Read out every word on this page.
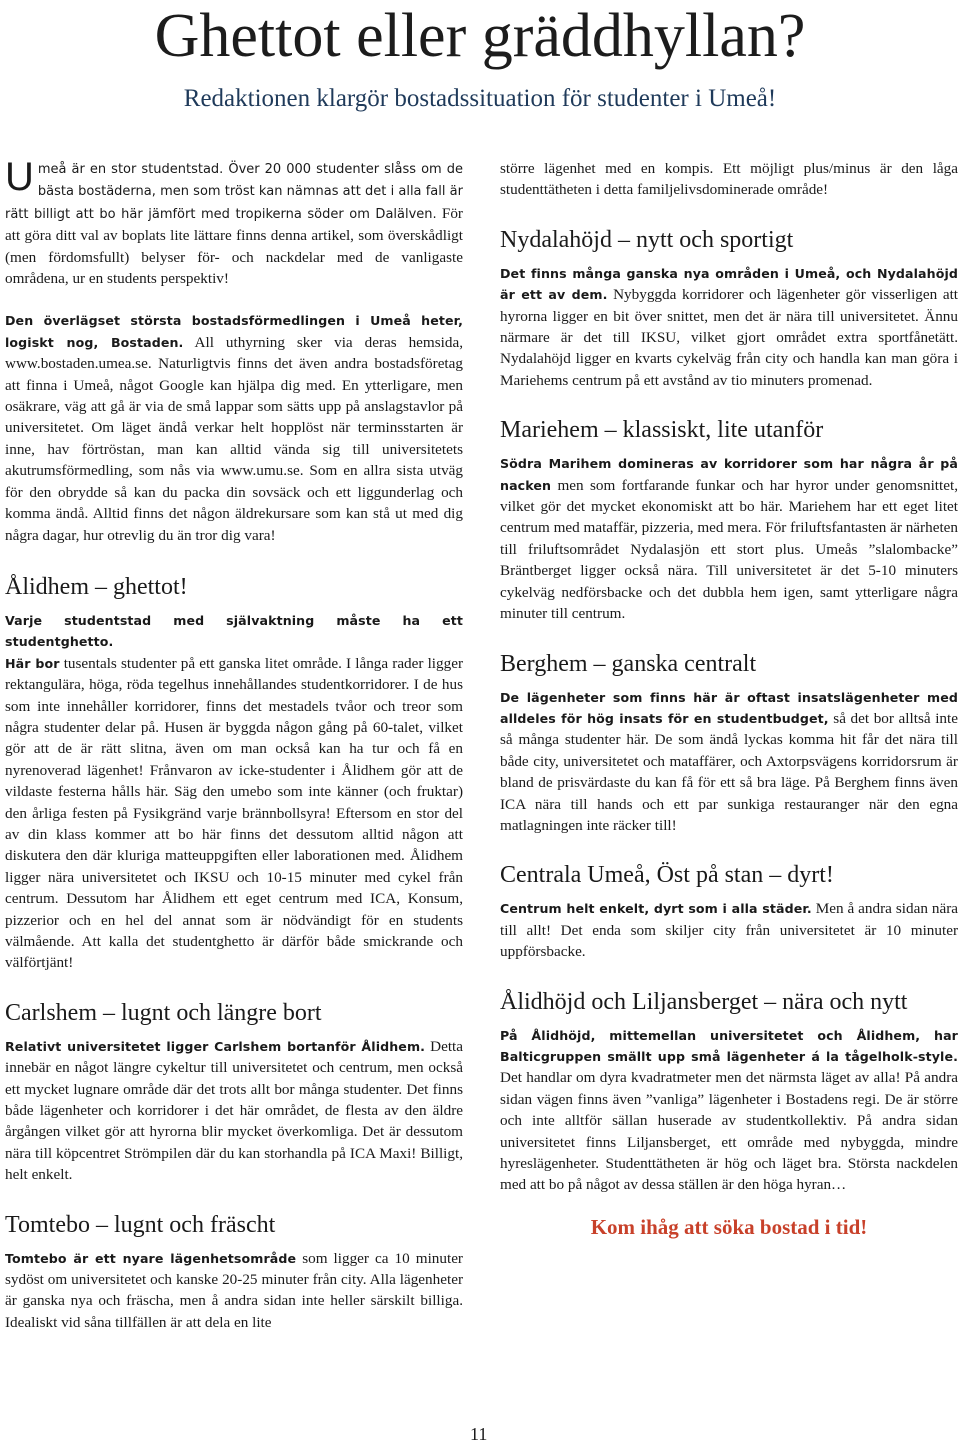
Ghettot eller gräddhyllan?
Redaktionen klargör bostadssituation för studenter i Umeå!

Umeå är en stor studentstad. Över 20 000 studenter slåss om de bästa bostäderna, men som tröst kan nämnas att det i alla fall är rätt billigt att bo här jämfört med tropikerna söder om Dalälven. För att göra ditt val av boplats lite lättare finns denna artikel, som överskådligt (men fördomsfullt) belyser för- och nackdelar med de vanligaste områdena, ur en students perspektiv!

Den överlägset största bostadsförmedlingen i Umeå heter, logiskt nog, Bostaden. All uthyrning sker via deras hemsida, www.bostaden.umea.se. Naturligtvis finns det även andra bostadsföretag att finna i Umeå, något Google kan hjälpa dig med. En ytterligare, men osäkrare, väg att gå är via de små lappar som sätts upp på anslagstavlor på universitetet. Om läget ändå verkar helt hopplöst när terminsstarten är inne, hav förtröstan, man kan alltid vända sig till universitetets akutrumsförmedling, som nås via www.umu.se. Som en allra sista utväg för den obrydde så kan du packa din sovsäck och ett liggunderlag och komma ändå. Alltid finns det någon äldrekursare som kan stå ut med dig några dagar, hur otrevlig du än tror dig vara!

Ålidhem – ghettot!

Varje studentstad med självaktning måste ha ett studentghetto.
Här bor tusentals studenter på ett ganska litet område. I långa rader ligger rektangulära, höga, röda tegelhus innehållandes studentkorridorer. I de hus som inte innehåller korridorer, finns det mestadels tvåor och treor som några studenter delar på. Husen är byggda någon gång på 60-talet, vilket gör att de är rätt slitna, även om man också kan ha tur och få en nyrenoverad lägenhet! Frånvaron av icke-studenter i Ålidhem gör att de vildaste festerna hålls här. Säg den umebo som inte känner (och fruktar) den årliga festen på Fysikgränd varje brännbollsyra! Eftersom en stor del av din klass kommer att bo här finns det dessutom alltid någon att diskutera den där kluriga matteuppgiften eller laborationen med. Ålidhem ligger nära universitetet och IKSU och 10-15 minuter med cykel från centrum. Dessutom har Ålidhem ett eget centrum med ICA, Konsum, pizzerior och en hel del annat som är nödvändigt för en students välmående. Att kalla det studentghetto är därför både smickrande och välförtjänt!

Carlshem – lugnt och längre bort

Relativt universitetet ligger Carlshem bortanför Ålidhem. Detta innebär en något längre cykeltur till universitetet och centrum, men också ett mycket lugnare område där det trots allt bor många studenter. Det finns både lägenheter och korridorer i det här området, de flesta av den äldre årgången vilket gör att hyrorna blir mycket överkomliga. Det är dessutom nära till köpcentret Strömpilen där du kan storhandla på ICA Maxi! Billigt, helt enkelt.

Tomtebo – lugnt och fräscht

Tomtebo är ett nyare lägenhetsområde som ligger ca 10 minuter sydöst om universitetet och kanske 20-25 minuter från city. Alla lägenheter är ganska nya och fräscha, men å andra sidan inte heller särskilt billiga. Idealiskt vid såna tillfällen är att dela en lite

större lägenhet med en kompis. Ett möjligt plus/minus är den låga studenttätheten i detta familjelivsdominerade område!

Nydalahöjd – nytt och sportigt

Det finns många ganska nya områden i Umeå, och Nydalahöjd är ett av dem. Nybyggda korridorer och lägenheter gör visserligen att hyrorna ligger en bit över snittet, men det är nära till universitetet. Ännu närmare är det till IKSU, vilket gjort området extra sportfånetätt. Nydalahöjd ligger en kvarts cykelväg från city och handla kan man göra i Mariehems centrum på ett avstånd av tio minuters promenad.

Mariehem – klassiskt, lite utanför

Södra Marihem domineras av korridorer som har några år på nacken men som fortfarande funkar och har hyror under genomsnittet, vilket gör det mycket ekonomiskt att bo här. Mariehem har ett eget litet centrum med mataffär, pizzeria, med mera. För friluftsfantasten är närheten till friluftsområdet Nydalasjön ett stort plus. Umeås ”slalombacke” Bräntberget ligger också nära. Till universitetet är det 5-10 minuters cykelväg nedförsbacke och det dubbla hem igen, samt ytterligare några minuter till centrum.

Berghem – ganska centralt

De lägenheter som finns här är oftast insatslägenheter med alldeles för hög insats för en studentbudget, så det bor alltså inte så många studenter här. De som ändå lyckas komma hit får det nära till både city, universitetet och mataffärer, och Axtorpsvägens korridorsrum är bland de prisvärdaste du kan få för ett så bra läge. På Berghem finns även ICA nära till hands och ett par sunkiga restauranger när den egna matlagningen inte räcker till!

Centrala Umeå, Öst på stan – dyrt!

Centrum helt enkelt, dyrt som i alla städer. Men å andra sidan nära till allt! Det enda som skiljer city från universitetet är 10 minuter uppförsbacke.

Ålidhöjd och Liljansberget – nära och nytt

På Ålidhöjd, mittemellan universitetet och Ålidhem, har Balticgruppen smällt upp små lägenheter á la tågelholk-style. Det handlar om dyra kvadratmeter men det närmsta läget av alla! På andra sidan vägen finns även ”vanliga” lägenheter i Bostadens regi. De är större och inte alltför sällan huserade av studentkollektiv. På andra sidan universitetet finns Liljansberget, ett område med nybyggda, mindre hyreslägenheter. Studenttätheten är hög och läget bra. Största nackdelen med att bo på något av dessa ställen är den höga hyran…

Kom ihåg att söka bostad i tid!

11
